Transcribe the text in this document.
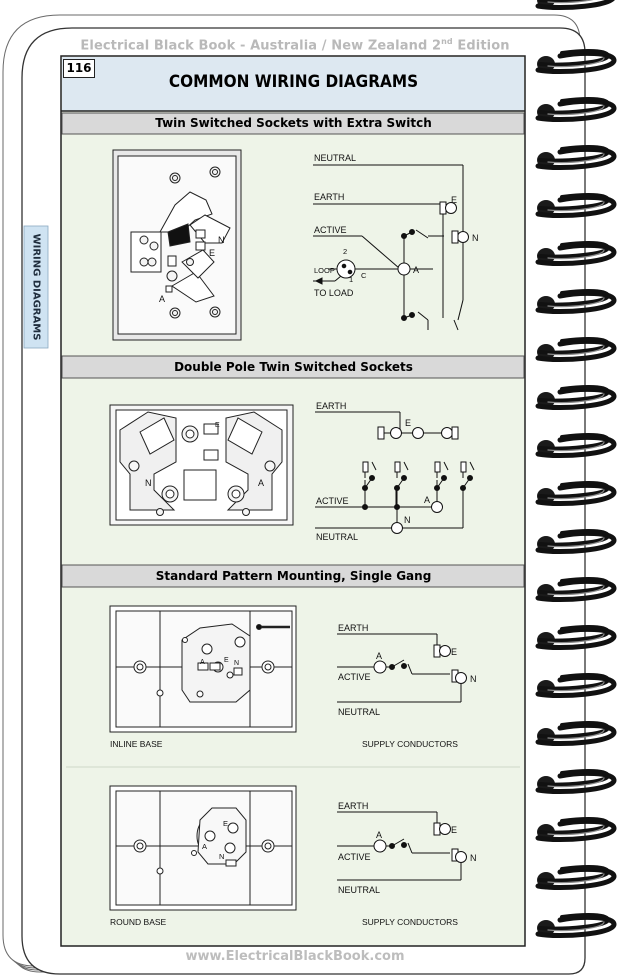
NEUTRAL
EARTH
ACTIVE
LOOP
TO LOAD
E
N
A
2
1 C
N
E
A
EARTH
ACTIVE
NEUTRAL
E
A
N
E
N	A
EARTH
ACTIVE
NEUTRAL
A	E
N
A	E N
INLINE BASE	SUPPLY CONDUCTORS
EARTH
ACTIVE
NEUTRAL
A	E
N
E
A
N
ROUND BASE	SUPPLY CONDUCTORS
Electrical Black Book - Australia / New Zealand 2nd Edition
116
COMMON WIRING DIAGRAMS
WIRING DIAGRAMS
Twin Switched Sockets with Extra Switch
Double Pole Twin Switched Sockets
Standard Pattern Mounting, Single Gang
www.ElectricalBlackBook.com
